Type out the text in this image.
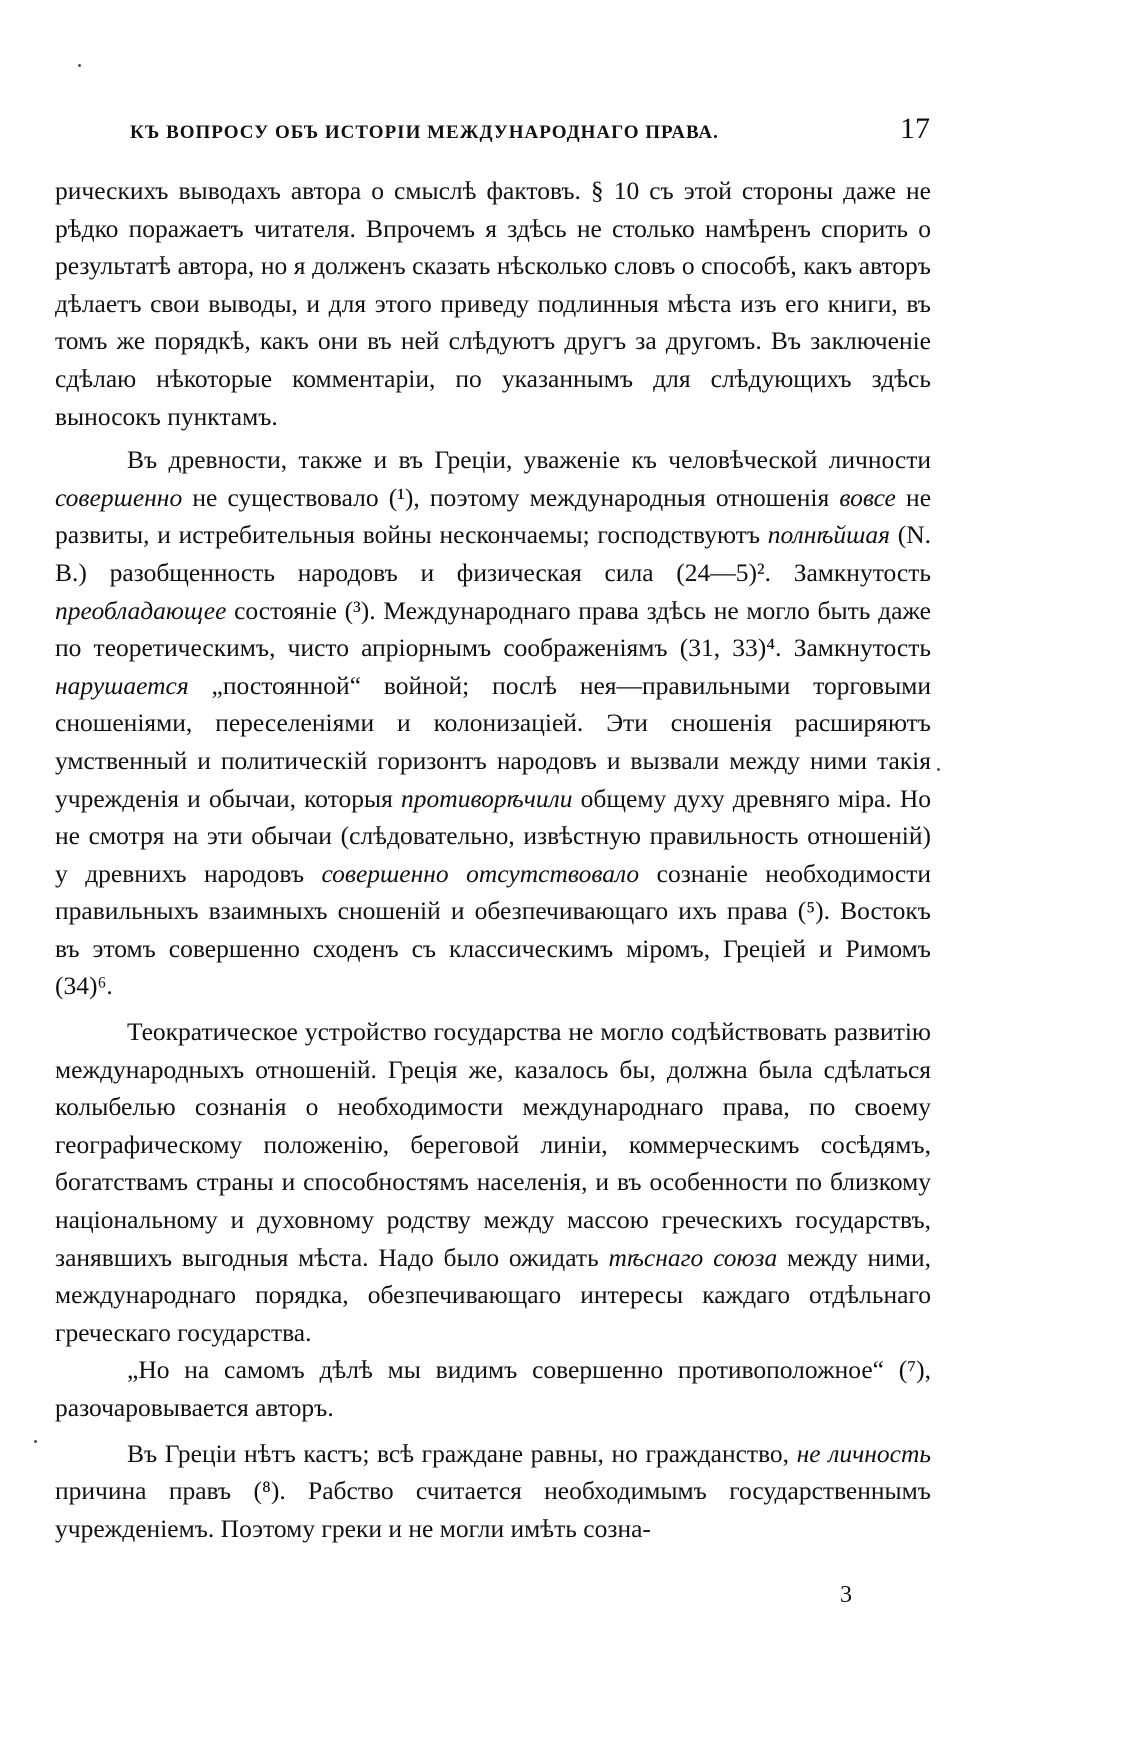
КЪ ВОПРОСУ ОБЪ ИСТОРІИ МЕЖДУНАРОДНАГО ПРАВА.	17

рическихъ выводахъ автора о смыслѣ фактовъ. § 10 съ этой стороны даже не рѣдко поражаетъ читателя. Впрочемъ я здѣсь не столько намѣренъ спорить о результатѣ автора, но я долженъ сказать нѣсколько словъ о способѣ, какъ авторъ дѣлаетъ свои выводы, и для этого приведу подлинныя мѣста изъ его книги, въ томъ же порядкѣ, какъ они въ ней слѣдуютъ другъ за другомъ. Въ заключеніе сдѣлаю нѣкоторые комментаріи, по указаннымъ для слѣдующихъ здѣсь выносокъ пунктамъ.

Въ древности, также и въ Греціи, уваженіе къ человѣческой личности совершенно не существовало (¹), поэтому международныя отношенія вовсе не развиты, и истребительныя войны нескончаемы; господствуютъ полнѣйшая (N. B.) разобщенность народовъ и физическая сила (24—5)². Замкнутость преобладающее состояніе (³). Международнаго права здѣсь не могло быть даже по теоретическимъ, чисто апріорнымъ соображеніямъ (31, 33)⁴. Замкнутость нарушается „постоянной“ войной; послѣ нея—правильными торговыми сношеніями, переселеніями и колонизаціей. Эти сношенія расширяютъ умственный и политическій горизонтъ народовъ и вызвали между ними такія учрежденія и обычаи, которыя противорѣчили общему духу древняго міра. Но не смотря на эти обычаи (слѣдовательно, извѣстную правильность отношеній) у древнихъ народовъ совершенно отсутствовало сознаніе необходимости правильныхъ взаимныхъ сношеній и обезпечивающаго ихъ права (⁵). Востокъ въ этомъ совершенно сходенъ съ классическимъ міромъ, Греціей и Римомъ (34)⁶.

Теократическое устройство государства не могло содѣйствовать развитію международныхъ отношеній. Греція же, казалось бы, должна была сдѣлаться колыбелью сознанія о необходимости международнаго права, по своему географическому положенію, береговой линіи, коммерческимъ сосѣдямъ, богатствамъ страны и способностямъ населенія, и въ особенности по близкому національному и духовному родству между массою греческихъ государствъ, занявшихъ выгодныя мѣста. Надо было ожидать тѣснаго союза между ними, международнаго порядка, обезпечивающаго интересы каждаго отдѣльнаго греческаго государства.

„Но на самомъ дѣлѣ мы видимъ совершенно противоположное“ (⁷), разочаровывается авторъ.

Въ Греціи нѣтъ кастъ; всѣ граждане равны, но гражданство, не личность причина правъ (⁸). Рабство считается необходимымъ государственнымъ учрежденіемъ. Поэтому греки и не могли имѣть созна-

3
